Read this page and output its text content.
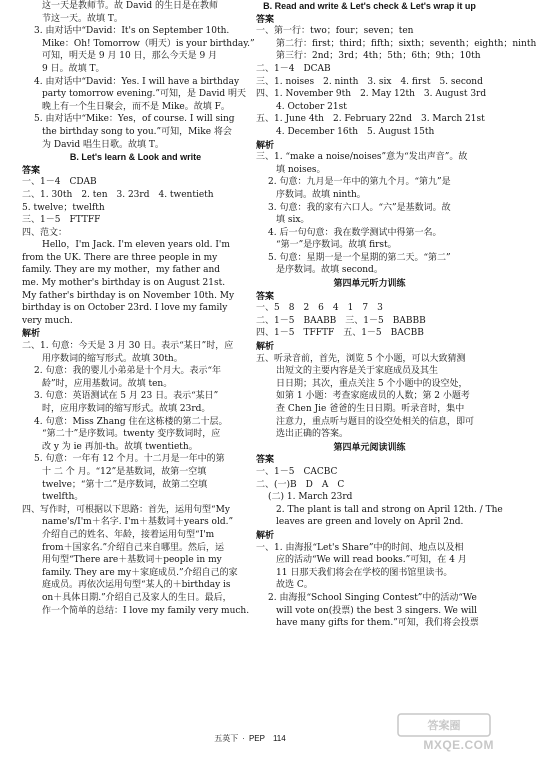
这一天是教师节。故 David 的生日是在教师
节这一天。故填 T。
3. 由对话中“David：It's on September 10th.
Mike：Oh! Tomorrow（明天）is your birthday.”
可知，明天是 9 月 10 日，那么今天是 9 月
9 日。故填 T。
4. 由对话中“David：Yes. I will have a birthday
party tomorrow evening.”可知，是 David 明天
晚上有一个生日聚会，而不是 Mike。故填 F。
5. 由对话中“Mike：Yes，of course. I will sing
the birthday song to you.”可知，Mike 将会
为 David 唱生日歌。故填 T。
B. Let's learn & Look and write
答案
一、1－4　CDAB
二、1. 30th　2. ten　3. 23rd　4. twentieth
5. twelve；twelfth
三、1－5　FTTFF
四、范文：
Hello，I'm Jack. I'm eleven years old. I'm
from the UK. There are three people in my
family. They are my mother，my father and
me. My mother's birthday is on August 21st.
My father's birthday is on November 10th. My
birthday is on October 23rd. I love my family
very much.
解析
二、1. 句意：今天是 3 月 30 日。表示“某日”时，应
用序数词的缩写形式。故填 30th。
2. 句意：我的婴儿小弟弟是十个月大。表示“年
龄”时，应用基数词。故填 ten。
3. 句意：英语测试在 5 月 23 日。表示“某日”
时，应用序数词的缩写形式。故填 23rd。
4. 句意：Miss Zhang 住在这栋楼的第二十层。
“第二十”是序数词。twenty 变序数词时，应
改 y 为 ie 再加-th。故填 twentieth。
5. 句意：一年有 12 个月。十二月是一年中的第
十 二 个 月。“12”是基数词，故第一空填
twelve；“第十二”是序数词，故第二空填
twelfth。
四、写作时，可根据以下思路：首先，运用句型“My
name's/I'm＋名字. I'm＋基数词＋years old.”
介绍自己的姓名、年龄，接着运用句型“I'm
from＋国家名.”介绍自己来自哪里。然后，运
用句型“There are＋基数词＋people in my
family. They are my＋家庭成员.”介绍自己的家
庭成员。再依次运用句型“某人的＋birthday is
on＋具体日期.”介绍自己及家人的生日。最后，
作一个简单的总结：I love my family very much.
B. Read and write & Let's check & Let's wrap it up
答案
一、第一行：two；four；seven；ten
第二行：first；third；fifth；sixth；seventh；eighth；ninth
第三行：2nd；3rd；4th；5th；6th；9th；10th
二、1－4　DCAB
三、1. noises　2. ninth　3. six　4. first　5. second
四、1. November 9th　2. May 12th　3. August 3rd
4. October 21st
五、1. June 4th　2. February 22nd　3. March 21st
4. December 16th　5. August 15th
解析
三、1. “make a noise/noises”意为“发出声音”。故
填 noises。
2. 句意：九月是一年中的第九个月。“第九”是
序数词。故填 ninth。
3. 句意：我的家有六口人。“六”是基数词。故
填 six。
4. 后一句句意：我在数学测试中得第一名。
“第一”是序数词。故填 first。
5. 句意：星期一是一个星期的第二天。“第二”
是序数词。故填 second。
第四单元听力训练
答案
一、5　8　2　6　4　1　7　3
二、1－5　BAABB　三、1－5　BABBB
四、1－5　TFFTF　五、1－5　BACBB
解析
五、听录音前，首先，浏览 5 个小题，可以大致猜测
出短文的主要内容是关于家庭成员及其生
日日期；其次，重点关注 5 个小题中的设空处，
如第 1 小题：考查家庭成员的人数；第 2 小题考
查 Chen Jie 爸爸的生日日期。听录音时，集中
注意力，重点听与题目的设空处相关的信息，即可
选出正确的答案。
第四单元阅读训练
答案
一、1－5　CACBC
二、(一)B　D　A　C
(二) 1. March 23rd
2. The plant is tall and strong on April 12th. / The
leaves are green and lovely on April 2nd.
解析
一、1. 由海报“Let's Share”中的时间、地点以及相
应的活动“We will read books.”可知，在 4 月
11 日那天我们将会在学校的图书馆里读书。
故选 C。
2. 由海报“School Singing Contest”中的活动“We
will vote on(投票) the best 3 singers. We will
have many gifts for them.”可知，我们将会投票
五英下 · PEP 114
答案圈
MXQE.COM
